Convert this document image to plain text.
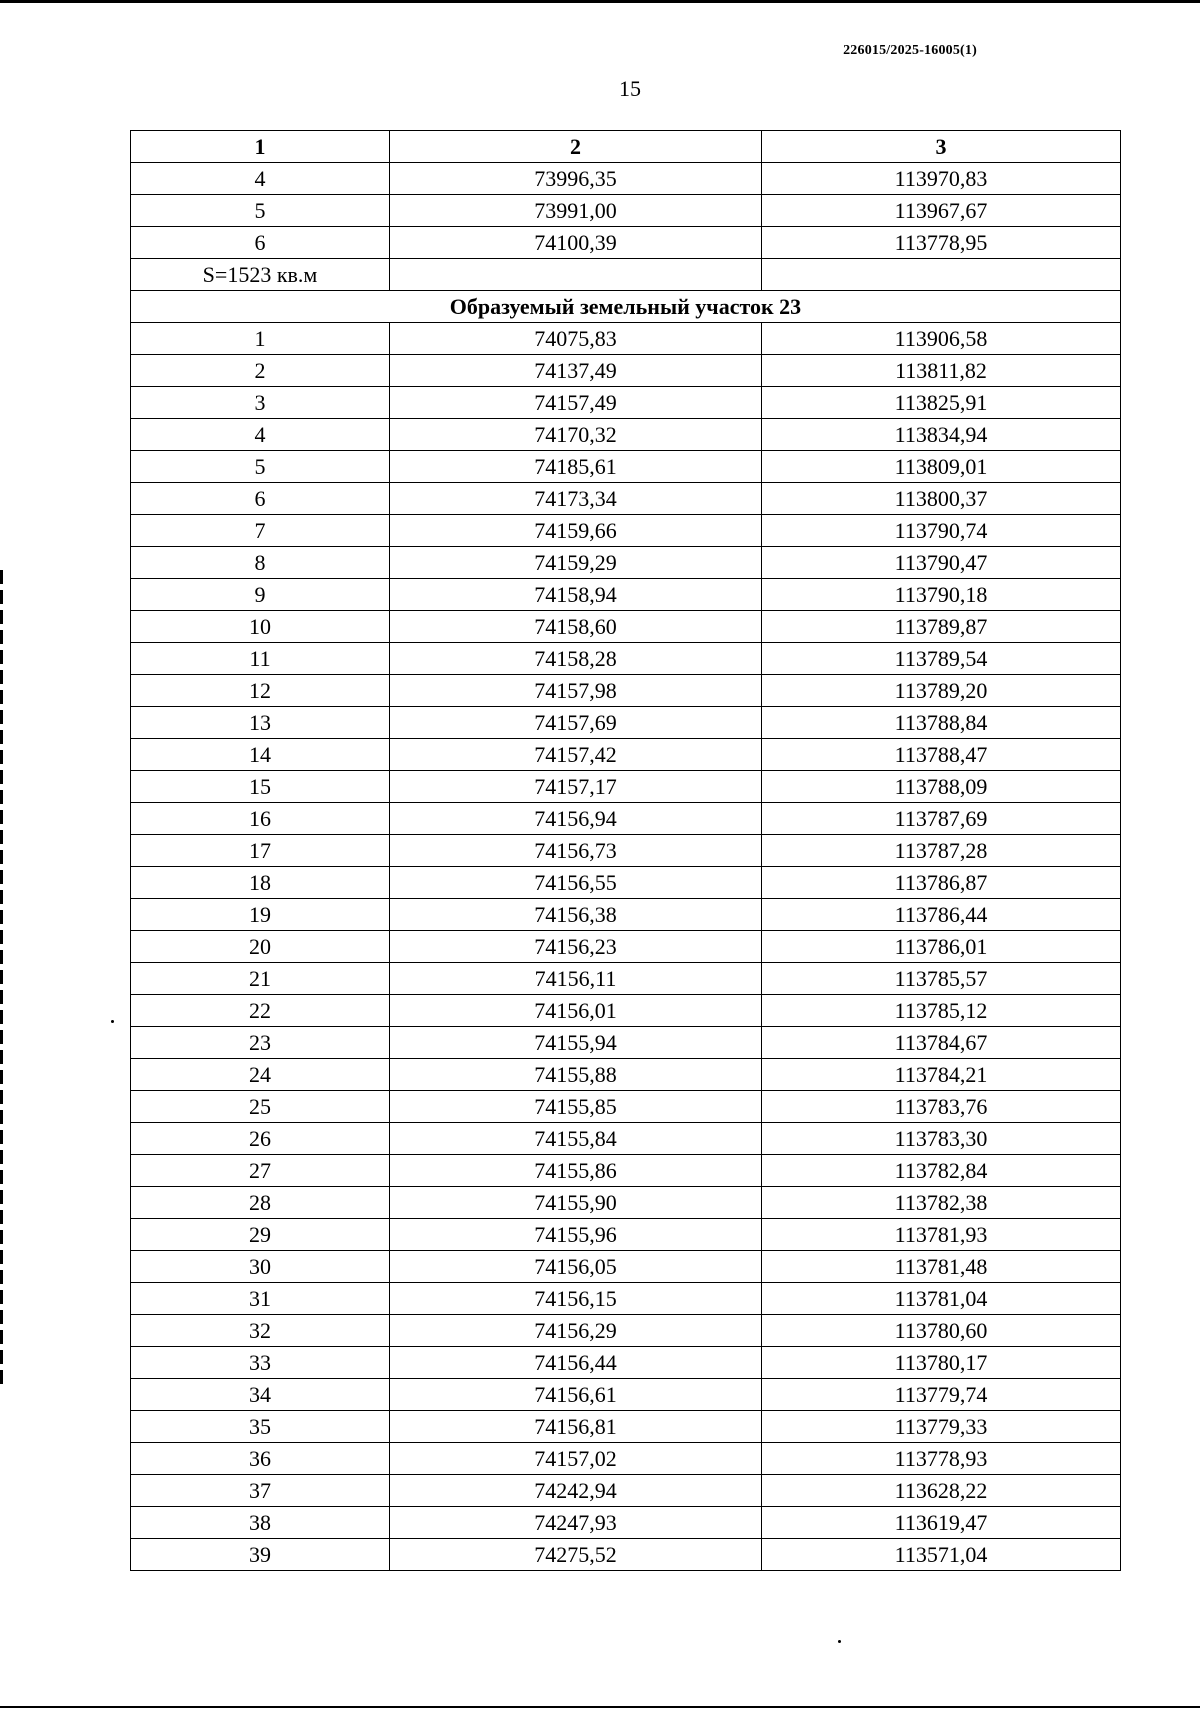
226015/2025-16005(1)
15
1	2	3
4	73996,35	113970,83
5	73991,00	113967,67
6	74100,39	113778,95
S=1523 кв.м		
Образуемый земельный участок 23		
1	74075,83	113906,58
2	74137,49	113811,82
3	74157,49	113825,91
4	74170,32	113834,94
5	74185,61	113809,01
6	74173,34	113800,37
7	74159,66	113790,74
8	74159,29	113790,47
9	74158,94	113790,18
10	74158,60	113789,87
11	74158,28	113789,54
12	74157,98	113789,20
13	74157,69	113788,84
14	74157,42	113788,47
15	74157,17	113788,09
16	74156,94	113787,69
17	74156,73	113787,28
18	74156,55	113786,87
19	74156,38	113786,44
20	74156,23	113786,01
21	74156,11	113785,57
22	74156,01	113785,12
23	74155,94	113784,67
24	74155,88	113784,21
25	74155,85	113783,76
26	74155,84	113783,30
27	74155,86	113782,84
28	74155,90	113782,38
29	74155,96	113781,93
30	74156,05	113781,48
31	74156,15	113781,04
32	74156,29	113780,60
33	74156,44	113780,17
34	74156,61	113779,74
35	74156,81	113779,33
36	74157,02	113778,93
37	74242,94	113628,22
38	74247,93	113619,47
39	74275,52	113571,04
